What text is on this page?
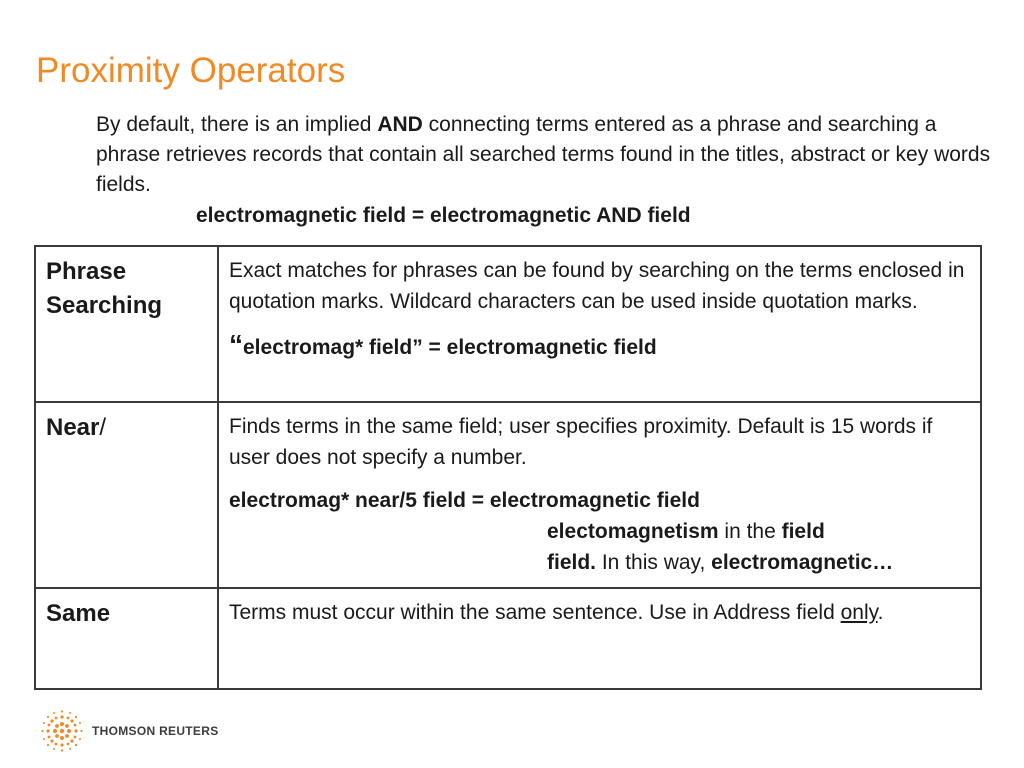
Proximity Operators

By default, there is an implied AND connecting terms entered as a phrase and searching a phrase retrieves records that contain all searched terms found in the titles, abstract or key words fields.

electromagnetic field = electromagnetic AND field

Phrase Searching	Exact matches for phrases can be found by searching on the terms enclosed in quotation marks. Wildcard characters can be used inside quotation marks.

“electromag* field” = electromagnetic field

Near/	Finds terms in the same field; user specifies proximity. Default is 15 words if user does not specify a number.

electromag* near/5 field = electromagnetic field

electomagnetism in the field

field. In this way, electromagnetic…

Same	Terms must occur within the same sentence. Use in Address field only.

THOMSON REUTERS
